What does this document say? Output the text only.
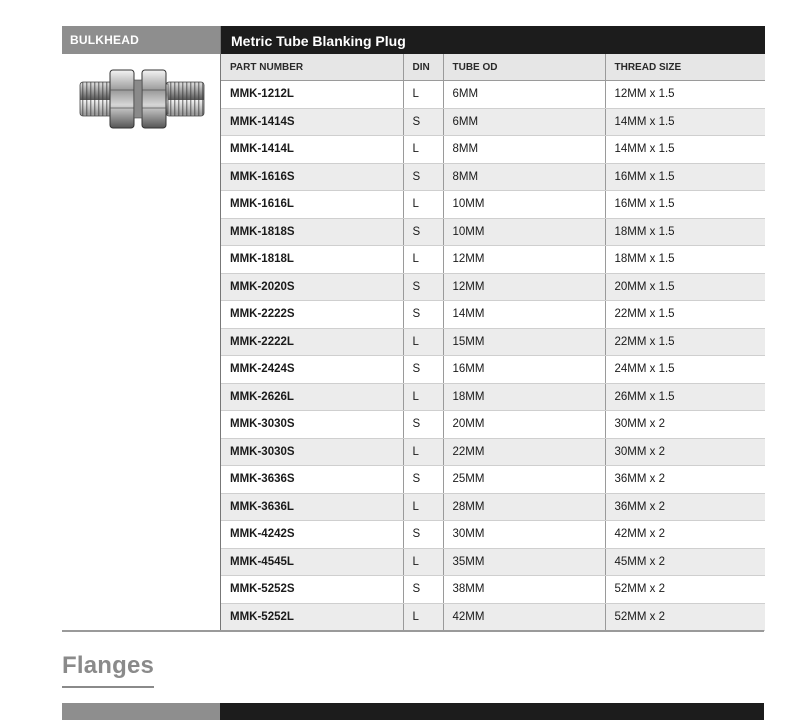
BULKHEAD	Metric Tube Blanking Plug
PART NUMBER	DIN	TUBE OD	THREAD SIZE
MMK-1212L	L	6MM	12MM x 1.5
MMK-1414S	S	6MM	14MM x 1.5
MMK-1414L	L	8MM	14MM x 1.5
MMK-1616S	S	8MM	16MM x 1.5
MMK-1616L	L	10MM	16MM x 1.5
MMK-1818S	S	10MM	18MM x 1.5
MMK-1818L	L	12MM	18MM x 1.5
MMK-2020S	S	12MM	20MM x 1.5
MMK-2222S	S	14MM	22MM x 1.5
MMK-2222L	L	15MM	22MM x 1.5
MMK-2424S	S	16MM	24MM x 1.5
MMK-2626L	L	18MM	26MM x 1.5
MMK-3030S	S	20MM	30MM x 2
MMK-3030S	L	22MM	30MM x 2
MMK-3636S	S	25MM	36MM x 2
MMK-3636L	L	28MM	36MM x 2
MMK-4242S	S	30MM	42MM x 2
MMK-4545L	L	35MM	45MM x 2
MMK-5252S	S	38MM	52MM x 2
MMK-5252L	L	42MM	52MM x 2
Flanges
